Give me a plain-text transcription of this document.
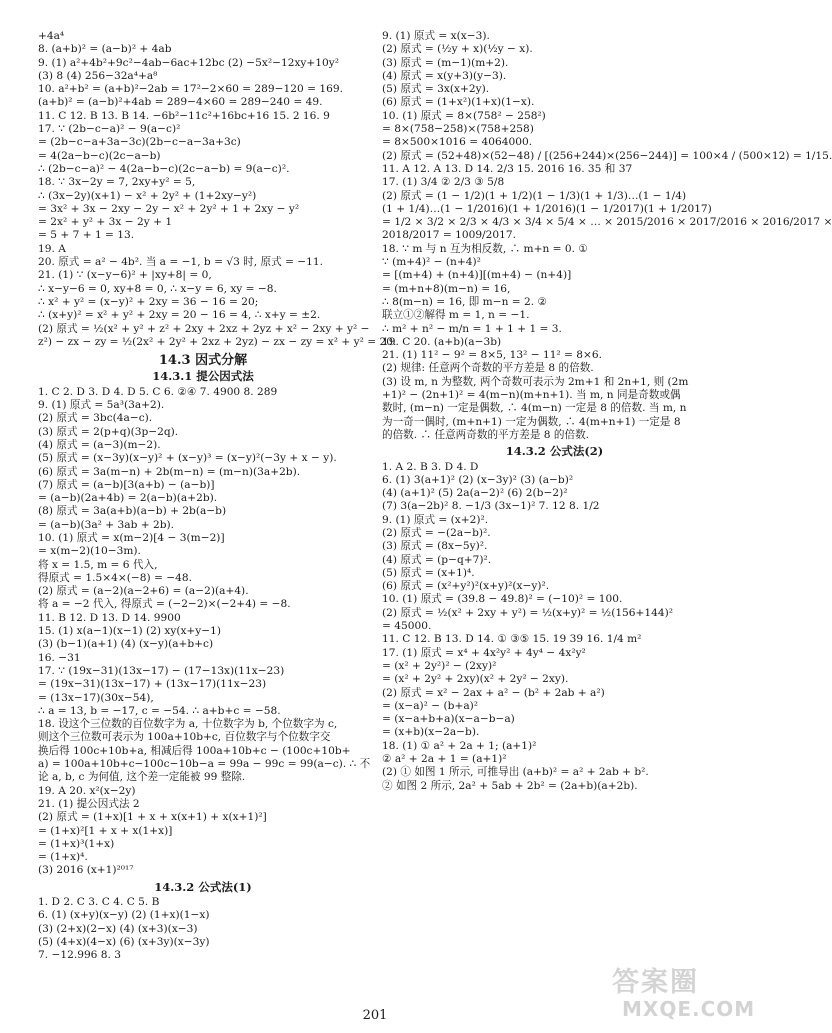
+4a⁴
8. (a+b)² = (a−b)² + 4ab
9. (1) a²+4b²+9c²−4ab−6ac+12bc (2) −5x²−12xy+10y²
(3) 8 (4) 256−32a⁴+a⁸
10. a²+b² = (a+b)²−2ab = 17²−2×60 = 289−120 = 169.
(a+b)² = (a−b)²+4ab = 289−4×60 = 289−240 = 49.
11. C 12. B 13. B 14. −6b²−11c²+16bc+16 15. 2 16. 9
17. ∵ (2b−c−a)² − 9(a−c)²
= (2b−c−a+3a−3c)(2b−c−a−3a+3c)
= 4(2a−b−c)(2c−a−b)
∴ (2b−c−a)² − 4(2a−b−c)(2c−a−b) = 9(a−c)².
18. ∵ 3x−2y = 7, 2xy+y² = 5,
∴ (3x−2y)(x+1) − x² + 2y² + (1+2xy−y²)
= 3x² + 3x − 2xy − 2y − x² + 2y² + 1 + 2xy − y²
= 2x² + y² + 3x − 2y + 1
= 5 + 7 + 1 = 13.
19. A
20. 原式 = a² − 4b². 当 a = −1, b = √3 时, 原式 = −11.
21. (1) ∵ (x−y−6)² + |xy+8| = 0,
∴ x−y−6 = 0, xy+8 = 0, ∴ x−y = 6, xy = −8.
∴ x² + y² = (x−y)² + 2xy = 36 − 16 = 20;
∴ (x+y)² = x² + y² + 2xy = 20 − 16 = 4, ∴ x+y = ±2.
(2) 原式 = ½(x² + y² + z² + 2xy + 2xz + 2yz + x² − 2xy + y² −
z²) − zx − zy = ½(2x² + 2y² + 2xz + 2yz) − zx − zy = x² + y² = 20.
14.3 因式分解
14.3.1 提公因式法
1. C 2. D 3. D 4. D 5. C 6. ②④ 7. 4900 8. 289
9. (1) 原式 = 5a³(3a+2).
(2) 原式 = 3bc(4a−c).
(3) 原式 = 2(p+q)(3p−2q).
(4) 原式 = (a−3)(m−2).
(5) 原式 = (x−3y)(x−y)² + (x−y)³ = (x−y)²(−3y + x − y).
(6) 原式 = 3a(m−n) + 2b(m−n) = (m−n)(3a+2b).
(7) 原式 = (a−b)[3(a+b) − (a−b)]
= (a−b)(2a+4b) = 2(a−b)(a+2b).
(8) 原式 = 3a(a+b)(a−b) + 2b(a−b)
= (a−b)(3a² + 3ab + 2b).
10. (1) 原式 = x(m−2)[4 − 3(m−2)]
= x(m−2)(10−3m).
将 x = 1.5, m = 6 代入,
得原式 = 1.5×4×(−8) = −48.
(2) 原式 = (a−2)(a−2+6) = (a−2)(a+4).
将 a = −2 代入, 得原式 = (−2−2)×(−2+4) = −8.
11. B 12. D 13. D 14. 9900
15. (1) x(a−1)(x−1) (2) xy(x+y−1)
(3) (b−1)(a+1) (4) (x−y)(a+b+c)
16. −31
17. ∵ (19x−31)(13x−17) − (17−13x)(11x−23)
= (19x−31)(13x−17) + (13x−17)(11x−23)
= (13x−17)(30x−54),
∴ a = 13, b = −17, c = −54. ∴ a+b+c = −58.
18. 设这个三位数的百位数字为 a, 十位数字为 b, 个位数字为 c,
则这个三位数可表示为 100a+10b+c, 百位数字与个位数字交
换后得 100c+10b+a, 相减后得 100a+10b+c − (100c+10b+
a) = 100a+10b+c−100c−10b−a = 99a − 99c = 99(a−c). ∴ 不
论 a, b, c 为何值, 这个差一定能被 99 整除.
19. A 20. x²(x−2y)
21. (1) 提公因式法 2
(2) 原式 = (1+x)[1 + x + x(x+1) + x(x+1)²]
= (1+x)²[1 + x + x(1+x)]
= (1+x)³(1+x)
= (1+x)⁴.
(3) 2016 (x+1)²⁰¹⁷
14.3.2 公式法(1)
1. D 2. C 3. C 4. C 5. B
6. (1) (x+y)(x−y) (2) (1+x)(1−x)
(3) (2+x)(2−x) (4) (x+3)(x−3)
(5) (4+x)(4−x) (6) (x+3y)(x−3y)
7. −12.996 8. 3
9. (1) 原式 = x(x−3).
(2) 原式 = (½y + x)(½y − x).
(3) 原式 = (m−1)(m+2).
(4) 原式 = x(y+3)(y−3).
(5) 原式 = 3x(x+2y).
(6) 原式 = (1+x²)(1+x)(1−x).
10. (1) 原式 = 8×(758² − 258²)
= 8×(758−258)×(758+258)
= 8×500×1016 = 4064000.
(2) 原式 = (52+48)×(52−48) / [(256+244)×(256−244)] = 100×4 / (500×12) = 1/15.
11. A 12. A 13. D 14. 2/3 15. 2016 16. 35 和 37
17. (1) 3/4 ② 2/3 ③ 5/8
(2) 原式 = (1 − 1/2)(1 + 1/2)(1 − 1/3)(1 + 1/3)…(1 − 1/4)
(1 + 1/4)…(1 − 1/2016)(1 + 1/2016)(1 − 1/2017)(1 + 1/2017)
= 1/2 × 3/2 × 2/3 × 4/3 × 3/4 × 5/4 × … × 2015/2016 × 2017/2016 × 2016/2017 ×
2018/2017 = 1009/2017.
18. ∵ m 与 n 互为相反数, ∴ m+n = 0. ①
∵ (m+4)² − (n+4)²
= [(m+4) + (n+4)][(m+4) − (n+4)]
= (m+n+8)(m−n) = 16,
∴ 8(m−n) = 16, 即 m−n = 2. ②
联立①②解得 m = 1, n = −1.
∴ m² + n² − m/n = 1 + 1 + 1 = 3.
19. C 20. (a+b)(a−3b)
21. (1) 11² − 9² = 8×5, 13² − 11² = 8×6.
(2) 规律: 任意两个奇数的平方差是 8 的倍数.
(3) 设 m, n 为整数, 两个奇数可表示为 2m+1 和 2n+1, 则 (2m
+1)² − (2n+1)² = 4(m−n)(m+n+1). 当 m, n 同是奇数或偶
数时, (m−n) 一定是偶数, ∴ 4(m−n) 一定是 8 的倍数. 当 m, n
为一奇一偶时, (m+n+1) 一定为偶数, ∴ 4(m+n+1) 一定是 8
的倍数. ∴ 任意两奇数的平方差是 8 的倍数.
14.3.2 公式法(2)
1. A 2. B 3. D 4. D
6. (1) 3(a+1)² (2) (x−3y)² (3) (a−b)²
(4) (a+1)² (5) 2a(a−2)² (6) 2(b−2)²
(7) 3(a−2b)² 8. −1/3 (3x−1)² 7. 12 8. 1/2
9. (1) 原式 = (x+2)².
(2) 原式 = −(2a−b)².
(3) 原式 = (8x−5y)².
(4) 原式 = (p−q+7)².
(5) 原式 = (x+1)⁴.
(6) 原式 = (x²+y²)²(x+y)²(x−y)².
10. (1) 原式 = (39.8 − 49.8)² = (−10)² = 100.
(2) 原式 = ½(x² + 2xy + y²) = ½(x+y)² = ½(156+144)²
= 45000.
11. C 12. B 13. D 14. ① ③⑤ 15. 19 39 16. 1/4 m²
17. (1) 原式 = x⁴ + 4x²y² + 4y⁴ − 4x²y²
= (x² + 2y²)² − (2xy)²
= (x² + 2y² + 2xy)(x² + 2y² − 2xy).
(2) 原式 = x² − 2ax + a² − (b² + 2ab + a²)
= (x−a)² − (b+a)²
= (x−a+b+a)(x−a−b−a)
= (x+b)(x−2a−b).
18. (1) ① a² + 2a + 1; (a+1)²
② a² + 2a + 1 = (a+1)²
(2) ① 如图 1 所示, 可推导出 (a+b)² = a² + 2ab + b².
② 如图 2 所示, 2a² + 5ab + 2b² = (2a+b)(a+2b).
201
答案圈
MXQE.COM
